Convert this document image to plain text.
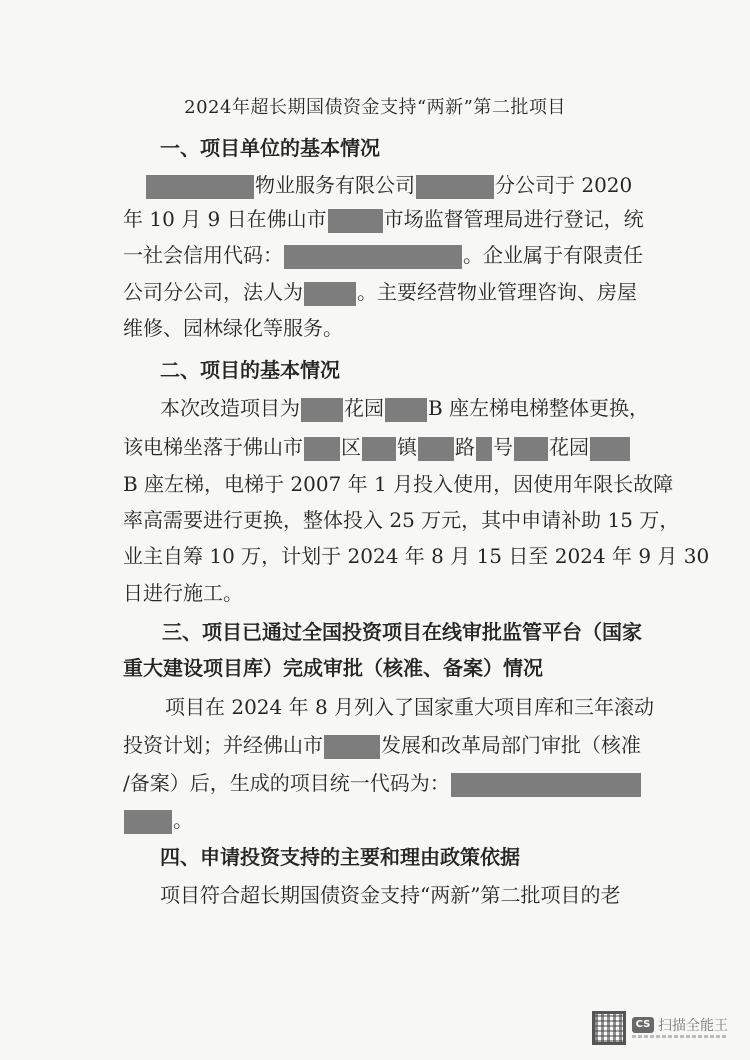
2024年超长期国债资金支持“两新”第二批项目
一、项目单位的基本情况
物业服务有限公司	分公司于 2020
年 10 月 9 日在佛山市	市场监督管理局进行登记，统
一社会信用代码：	。企业属于有限责任
公司分公司，法人为	。主要经营物业管理咨询、房屋
维修、园林绿化等服务。
二、项目的基本情况
本次改造项目为 花园 B 座左梯电梯整体更换，
该电梯坐落于佛山市 区 镇 路 号 花园
B 座左梯，电梯于 2007 年 1 月投入使用，因使用年限长故障
率高需要进行更换，整体投入 25 万元，其中申请补助 15 万，
业主自筹 10 万，计划于 2024 年 8 月 15 日至 2024 年 9 月 30
日进行施工。
三、项目已通过全国投资项目在线审批监管平台（国家
重大建设项目库）完成审批（核准、备案）情况
项目在 2024 年 8 月列入了国家重大项目库和三年滚动
投资计划；并经佛山市	发展和改革局部门审批（核准
/备案）后，生成的项目统一代码为：
。
四、申请投资支持的主要和理由政策依据
项目符合超长期国债资金支持“两新”第二批项目的老
CS 扫描全能王
